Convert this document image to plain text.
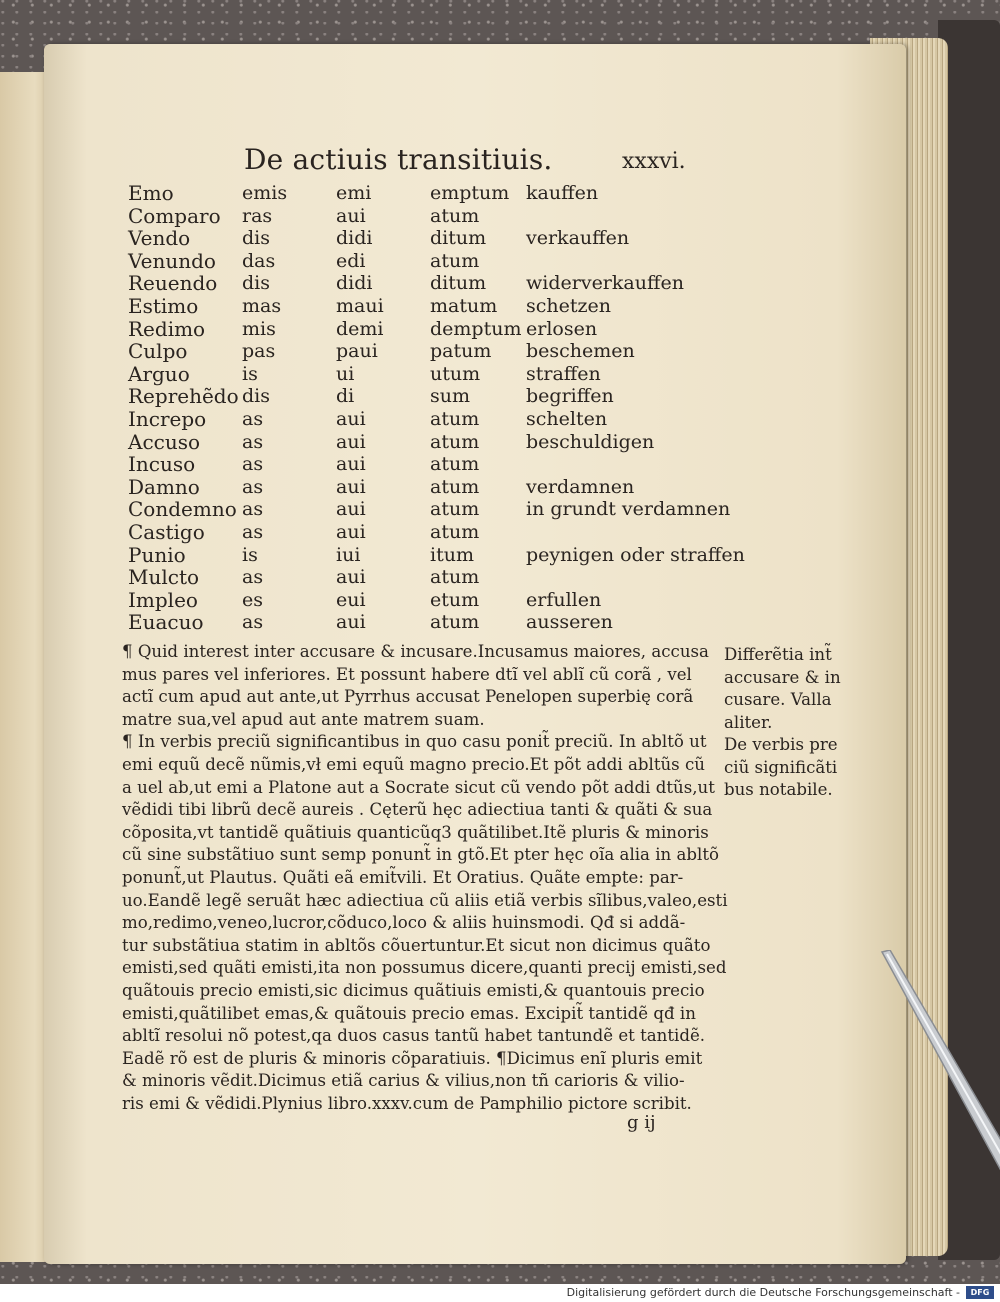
De actiuis transitiuis.	xxxvi.
Emo	emis	emi	emptum	kauffen
Comparo	ras	aui	atum	
Vendo	dis	didi	ditum	verkauffen
Venundo	das	edi	atum	
Reuendo	dis	didi	ditum	widerverkauffen
Estimo	mas	maui	matum	schetzen
Redimo	mis	demi	demptum	erlosen
Culpo	pas	paui	patum	beschemen
Arguo	is	ui	utum	straffen
Reprehẽdo	dis	di	sum	begriffen
Increpo	as	aui	atum	schelten
Accuso	as	aui	atum	beschuldigen
Incuso	as	aui	atum	
Damno	as	aui	atum	verdamnen
Condemno	as	aui	atum	in grundt verdamnen
Castigo	as	aui	atum	
Punio	is	iui	itum	peynigen oder straffen
Mulcto	as	aui	atum	
Impleo	es	eui	etum	erfullen
Euacuo	as	aui	atum	ausseren
¶ Quid interest inter accusare & incusare.Incusamus maiores, accusa
mus pares vel inferiores. Et possunt habere dtĩ vel ablĩ cũ corã , vel
actĩ cum apud aut ante,ut Pyrrhus accusat Penelopen superbię corã
matre sua,vel apud aut ante matrem suam.
¶ In verbis preciũ significantibus in quo casu ponit̃ preciũ. In abltõ ut
emi equũ decẽ nũmis,vł emi equũ magno precio.Et põt addi abltũs cũ
a uel ab,ut emi a Platone aut a Socrate sicut cũ vendo põt addi dtũs,ut
vẽdidi tibi librũ decẽ aureis . Cęterũ hęc adiectiua tanti & quãti & sua
cõposita,vt tantidẽ quãtiuis quanticũq3 quãtilibet.Itẽ pluris & minoris
cũ sine substãtiuo sunt semp ponunt̃ in gtõ.Et pter hęc oĩa alia in abltõ
ponunt̃,ut Plautus. Quãti eã emit̃vili. Et Oratius. Quãte empte: par-
uo.Eandẽ legẽ seruãt hæc adiectiua cũ aliis etiã verbis sĩlibus,valeo,esti
mo,redimo,veneo,lucror,cõduco,loco & aliis huinsmodi. Qđ si addã-
tur substãtiua statim in abltõs cõuertuntur.Et sicut non dicimus quãto
emisti,sed quãti emisti,ita non possumus dicere,quanti precij emisti,sed
quãtouis precio emisti,sic dicimus quãtiuis emisti,& quantouis precio
emisti,quãtilibet emas,& quãtouis precio emas. Excipit̃ tantidẽ qđ in
abltĩ resolui nõ potest,qa duos casus tantũ habet tantundẽ et tantidẽ.
Eadẽ rõ est de pluris & minoris cõparatiuis. ¶Dicimus enĩ pluris emit
& minoris vẽdit.Dicimus etiã carius & vilius,non tñ carioris & vilio-
ris emi & vẽdidi.Plynius libro.xxxv.cum de Pamphilio pictore scribit.
Differẽtia int̃
accusare & in
cusare. Valla
aliter.
De verbis pre
ciũ significãti
bus notabile.
g ij
Digitalisierung gefördert durch die Deutsche Forschungsgemeinschaft -	DFG
